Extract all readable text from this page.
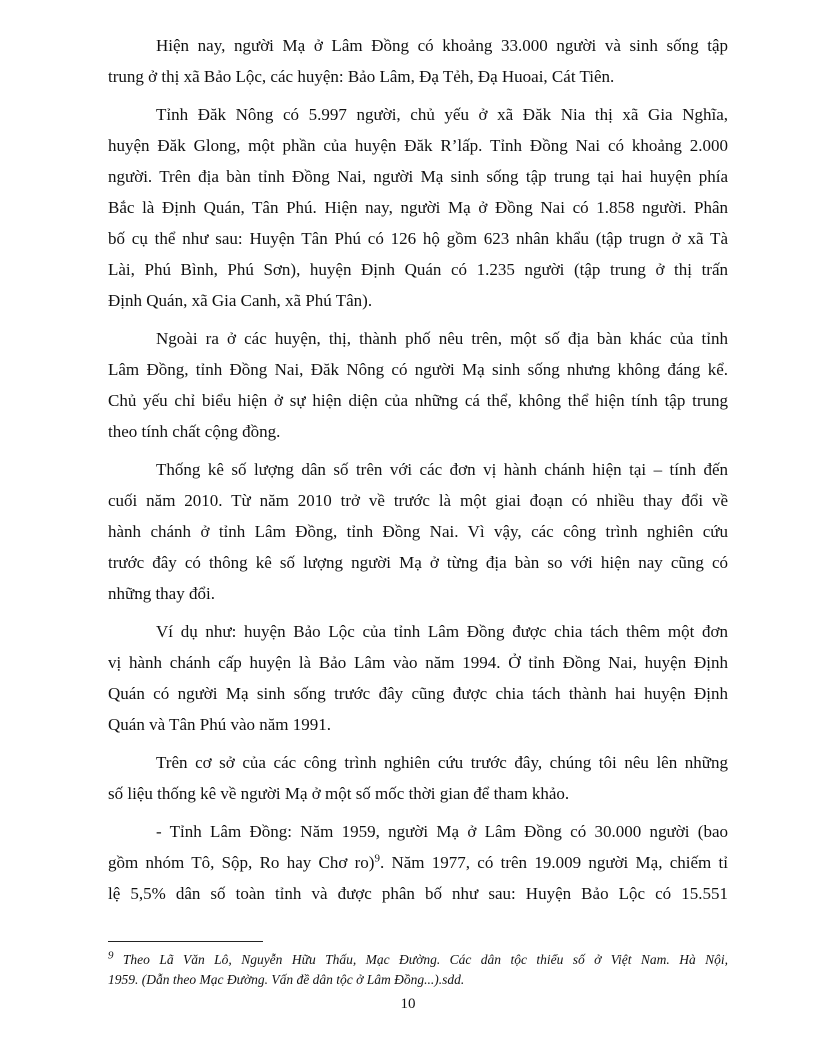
Hiện nay, người Mạ ở Lâm Đồng có khoảng 33.000 người và sinh sống tập
trung ở thị xã Bảo Lộc, các huyện: Bảo Lâm, Đạ Tẻh, Đạ Huoai, Cát Tiên.
Tỉnh Đăk Nông có 5.997 người, chủ yếu ở xã Đăk Nia thị xã Gia Nghĩa,
huyện Đăk Glong, một phần của huyện Đăk R’lấp. Tỉnh Đồng Nai có khoảng 2.000
người. Trên địa bàn tỉnh Đồng Nai, người Mạ sinh sống tập trung tại hai huyện phía
Bắc là Định Quán, Tân Phú. Hiện nay, người Mạ ở Đồng Nai có 1.858 người. Phân
bố cụ thể như sau: Huyện Tân Phú có 126 hộ gồm 623 nhân khẩu (tập trugn ở xã Tà
Lài, Phú Bình, Phú Sơn), huyện Định Quán có 1.235 người (tập trung ở thị trấn
Định Quán, xã Gia Canh, xã Phú Tân).
Ngoài ra ở các huyện, thị, thành phố nêu trên, một số địa bàn khác của tỉnh
Lâm Đồng, tỉnh Đồng Nai, Đăk Nông có người Mạ sinh sống nhưng không đáng kể.
Chủ yếu chỉ biểu hiện ở sự hiện diện của những cá thể, không thể hiện tính tập trung
theo tính chất cộng đồng.
Thống kê số lượng dân số trên với các đơn vị hành chánh hiện tại – tính đến
cuối năm 2010. Từ năm 2010 trở về trước là một giai đoạn có nhiều thay đổi về
hành chánh ở tỉnh Lâm Đồng, tỉnh Đồng Nai. Vì vậy, các công trình nghiên cứu
trước đây có thông kê số lượng người Mạ ở từng địa bàn so với hiện nay cũng có
những thay đổi.
Ví dụ như: huyện Bảo Lộc của tỉnh Lâm Đồng được chia tách thêm một đơn
vị hành chánh cấp huyện là Bảo Lâm vào năm 1994. Ở tỉnh Đồng Nai, huyện Định
Quán có người Mạ sinh sống trước đây cũng được chia tách thành hai huyện Định
Quán và Tân Phú vào năm 1991.
Trên cơ sở của các công trình nghiên cứu trước đây, chúng tôi nêu lên những
số liệu thống kê về người Mạ ở một số mốc thời gian để tham khảo.
- Tỉnh Lâm Đồng: Năm 1959, người Mạ ở Lâm Đồng có 30.000 người (bao
gồm nhóm Tô, Sộp, Ro hay Chơ ro)$^9$. Năm 1977, có trên 19.009 người Mạ, chiếm tỉ
lệ 5,5% dân số toàn tỉnh và được phân bố như sau: Huyện Bảo Lộc có 15.551
$^9$ Theo Lã Văn Lô, Nguyễn Hữu Thấu, Mạc Đường. Các dân tộc thiểu số ở Việt Nam. Hà Nội,
1959. (Dẫn theo Mạc Đường. Vấn đề dân tộc ở Lâm Đồng...).sdd.
10
